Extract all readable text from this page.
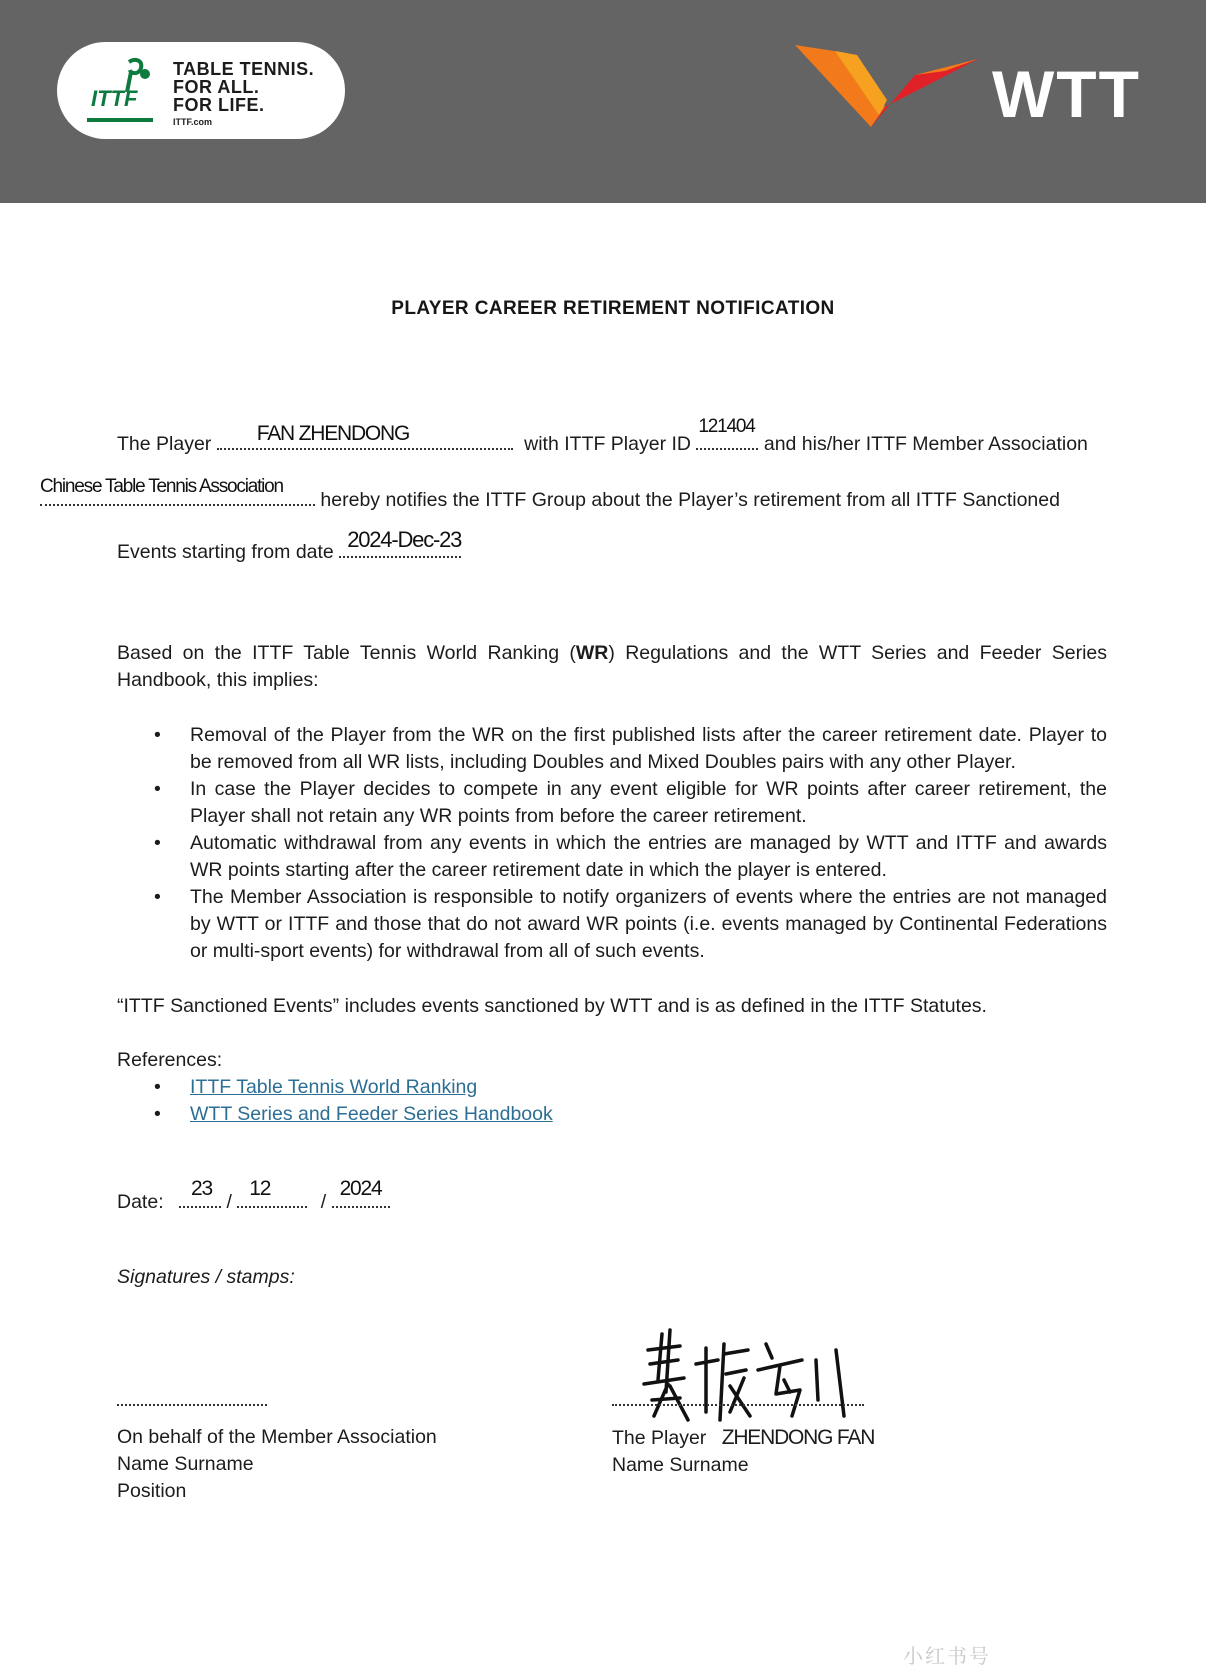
ITTF
TABLE TENNIS.
FOR ALL.
FOR LIFE.
ITTF.com	WTT
PLAYER CAREER RETIREMENT NOTIFICATION
The Player FAN ZHENDONG	with ITTF Player ID
121404
and his/her ITTF Member Association
Chinese Table Tennis Association
hereby notifies the ITTF Group about the Player’s retirement from all ITTF Sanctioned
Events starting from date 2024-Dec-23
Based on the ITTF Table Tennis World Ranking (WR) Regulations and the WTT Series and Feeder Series Handbook, this implies:
• Removal of the Player from the WR on the first published lists after the career retirement date. Player to be removed from all WR lists, including Doubles and Mixed Doubles pairs with any other Player.
• In case the Player decides to compete in any event eligible for WR points after career retirement, the Player shall not retain any WR points from before the career retirement.
• Automatic withdrawal from any events in which the entries are managed by WTT and ITTF and awards WR points starting after the career retirement date in which the player is entered.
• The Member Association is responsible to notify organizers of events where the entries are not managed by WTT or ITTF and those that do not award WR points (i.e. events managed by Continental Federations or multi-sport events) for withdrawal from all of such events.
“ITTF Sanctioned Events” includes events sanctioned by WTT and is as defined in the ITTF Statutes.
References:
• ITTF Table Tennis World Ranking
• WTT Series and Feeder Series Handbook
Date:
23
/
12
/
2024
Signatures / stamps:
樊振东
On behalf of the Member Association
Name Surname
Position
The Player ZHENDONG FAN
Name Surname
小红书号
